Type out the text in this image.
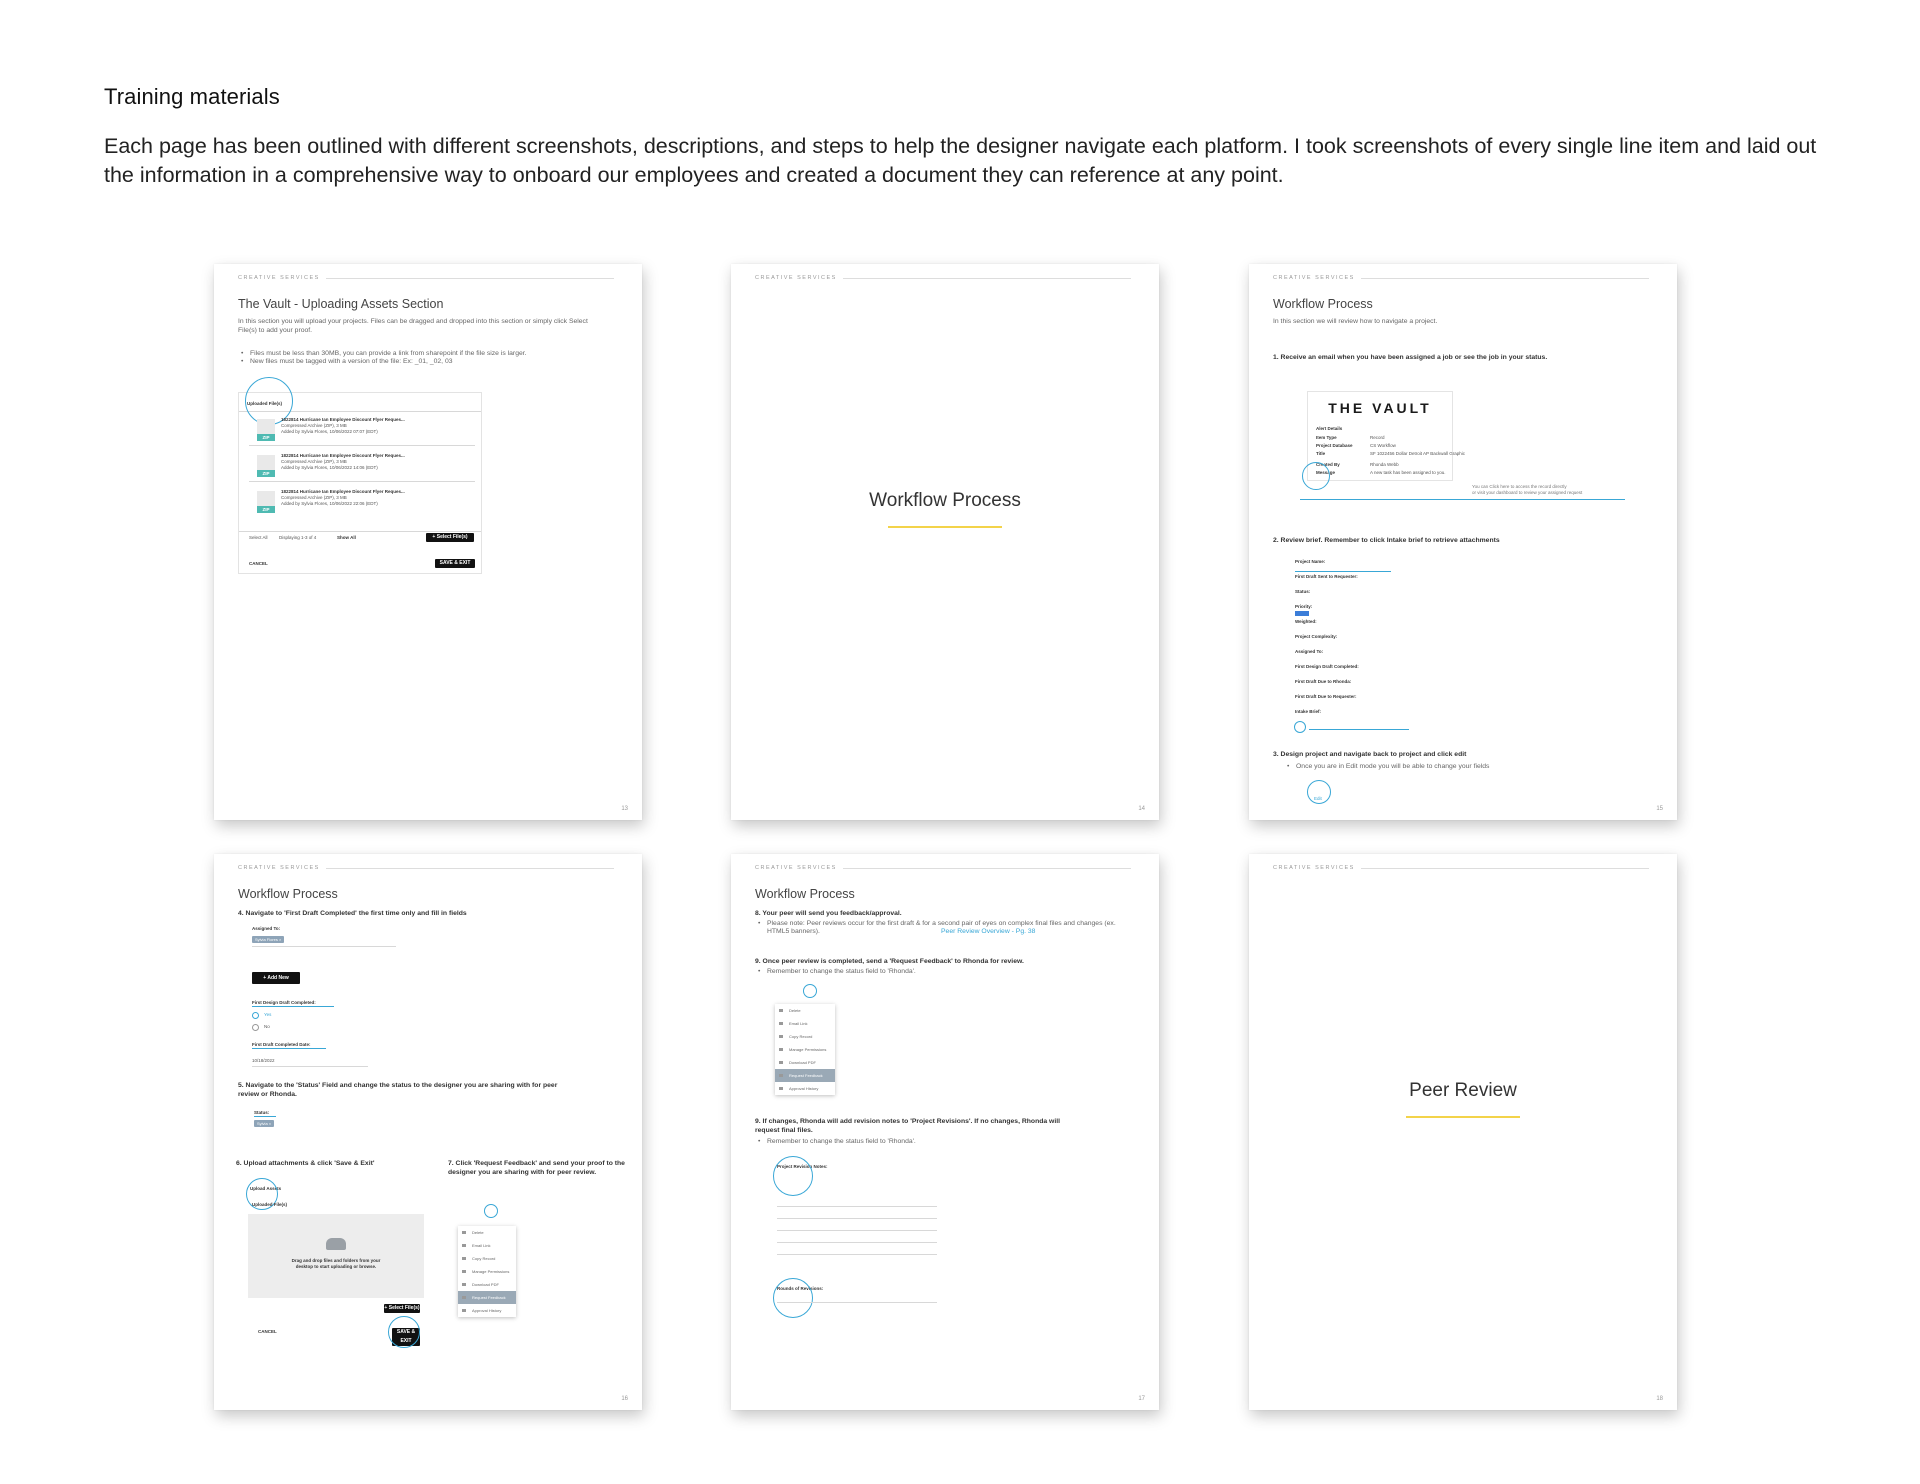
Training materials

Each page has been outlined with different screenshots, descriptions, and steps to help the designer navigate each platform. I took screenshots of every single line item and laid out the information in a comprehensive way to onboard our employees and created a document they can reference at any point.

CREATIVE SERVICES
The Vault - Uploading Assets Section
In this section you will upload your projects. Files can be dragged and dropped into this section or simply click Select File(s) to add your proof.
• Files must be less than 30MB, you can provide a link from sharepoint if the file size is larger.
• New files must be tagged with a version of the file: Ex: _01, _02, 03
Uploaded File(s)
ZIP
1822814 Hurricane Ian Employee Discount Flyer Reques...
Compressed Archive (ZIP), 3 MB
Added by Sylvia Flores, 10/06/2022 07:07 (EDT)
ZIP
1822814 Hurricane Ian Employee Discount Flyer Reques...
Compressed Archive (ZIP), 3 MB
Added by Sylvia Flores, 10/06/2022 14:06 (EDT)
ZIP
1822814 Hurricane Ian Employee Discount Flyer Reques...
Compressed Archive (ZIP), 3 MB
Added by Sylvia Flores, 10/06/2022 22:06 (EDT)
Select All	Displaying 1-3 of 4	Show All	+ Select File(s)
CANCEL	SAVE & EXIT
13
CREATIVE SERVICES
Workflow Process
14
CREATIVE SERVICES
Workflow Process
In this section we will review how to navigate a project.
1. Receive an email when you have been assigned a job or see the job in your status.
15
THE VAULT
Alert Details
Item Type	Record
Project Database	CS Workflow
Title	SF 1022456 Dollar Detroit AP Backwall Graphic
Created By	Rhonda Webb
Message	A new task has been assigned to you.
You can Click here to access the record directly
or visit your dashboard to review your assigned request
2. Review brief. Remember to click Intake brief to retrieve attachments
Project Name:
First Draft Sent to Requester:
Status:
Priority:
Weighted:
Project Complexity:
Assigned To:
First Design Draft Completed:
First Draft Due to Rhonda:
First Draft Due to Requester:
Intake Brief:
3. Design project and navigate back to project and click edit
• Once you are in Edit mode you will be able to change your fields
Edit
CREATIVE SERVICES
Workflow Process
4. Navigate to 'First Draft Completed' the first time only and fill in fields
Assigned To:
Sylvia Flores ×
+ Add New
First Design Draft Completed:
Yes
No
First Draft Completed Date:
10/18/2022
5. Navigate to the 'Status' Field and change the status to the designer you are sharing with for peer review or Rhonda.
Status:
Sylvia ×
6. Upload attachments & click 'Save & Exit'	7. Click 'Request Feedback' and send your proof to the designer you are sharing with for peer review.
Upload Assets
Uploaded File(s)
Drag and drop files and folders from your desktop to start uploading or browse.
+ Select File(s)
CANCEL	SAVE & EXIT
Delete
Email Link
Copy Record
Manage Permissions
Download PDF
Request Feedback
Approval History
16
CREATIVE SERVICES
Workflow Process
8. Your peer will send you feedback/approval.
• Please note: Peer reviews occur for the first draft & for a second pair of eyes on complex final files and changes (ex. HTML5 banners).	Peer Review Overview - Pg. 38
9. Once peer review is completed, send a 'Request Feedback' to Rhonda for review.
• Remember to change the status field to 'Rhonda'.
Delete
Email Link
Copy Record
Manage Permissions
Download PDF
Request Feedback
Approval History
9. If changes, Rhonda will add revision notes to 'Project Revisions'. If no changes, Rhonda will request final files.
• Remember to change the status field to 'Rhonda'.
Project Revision Notes:
Rounds of Revisions:
17
CREATIVE SERVICES
Peer Review
18
